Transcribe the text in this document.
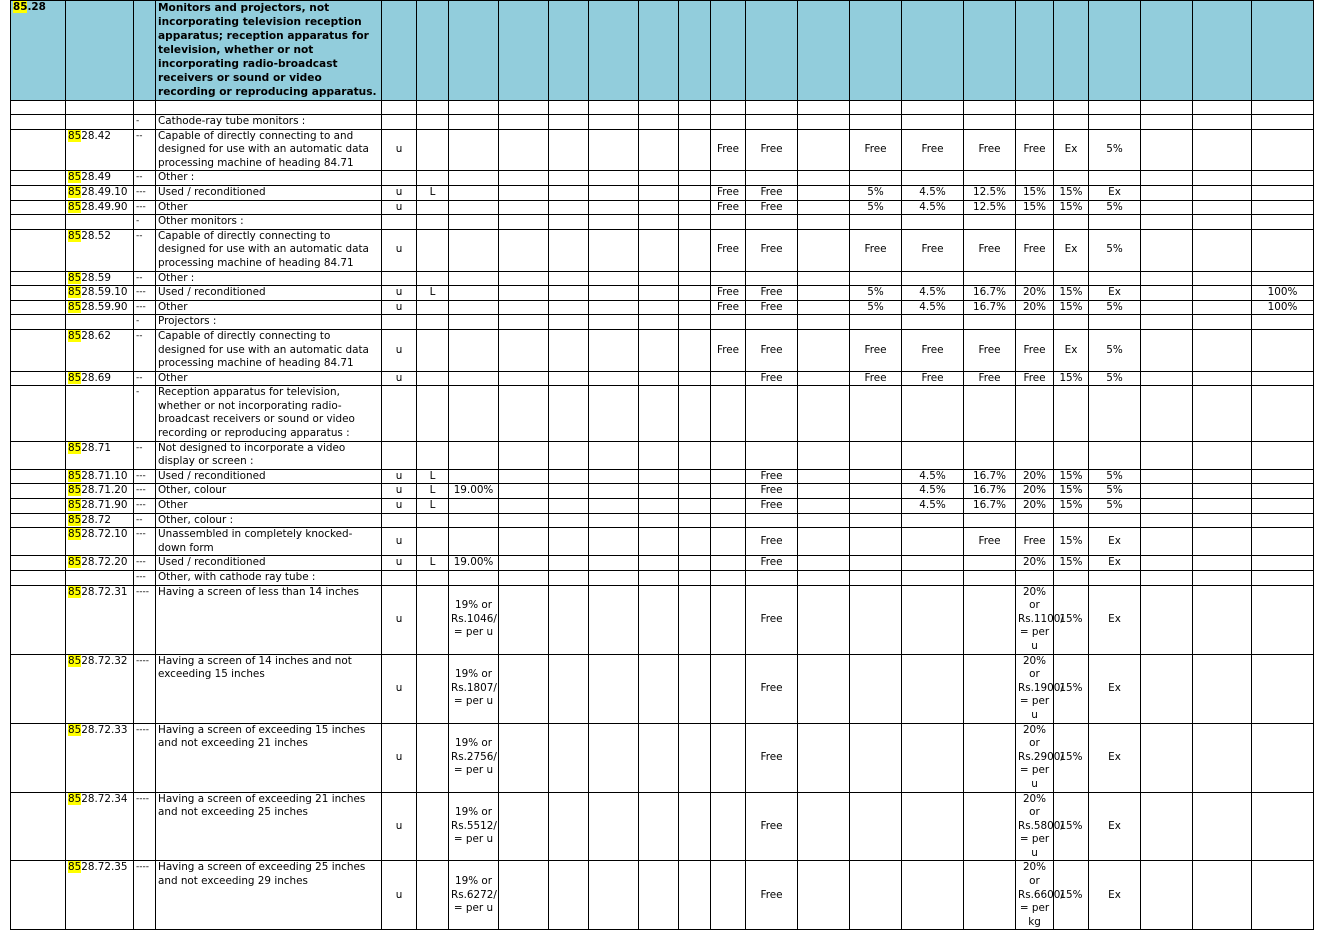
85.28			Monitors and projectors, not incorporating television reception apparatus; reception apparatus for television, whether or not incorporating radio-broadcast receivers or sound or video recording or reproducing apparatus.																				

		-	Cathode-ray tube monitors :																				
	8528.42	--	Capable of directly connecting to and designed for use with an automatic data processing machine of heading 84.71	u								Free	Free		Free	Free	Free	Free	Ex	5%			
	8528.49	--	Other :																				
	8528.49.10	---	Used / reconditioned	u	L							Free	Free		5%	4.5%	12.5%	15%	15%	Ex			
	8528.49.90	---	Other	u								Free	Free		5%	4.5%	12.5%	15%	15%	5%			
		-	Other monitors :																				
	8528.52	--	Capable of directly connecting to designed for use with an automatic data processing machine of heading 84.71	u								Free	Free		Free	Free	Free	Free	Ex	5%			
	8528.59	--	Other :																				
	8528.59.10	---	Used / reconditioned	u	L							Free	Free		5%	4.5%	16.7%	20%	15%	Ex			100%
	8528.59.90	---	Other	u								Free	Free		5%	4.5%	16.7%	20%	15%	5%			100%
		-	Projectors :																				
	8528.62	--	Capable of directly connecting to designed for use with an automatic data processing machine of heading 84.71	u								Free	Free		Free	Free	Free	Free	Ex	5%			
	8528.69	--	Other	u									Free		Free	Free	Free	Free	15%	5%			
		-	Reception apparatus for television, whether or not incorporating radio-broadcast receivers or sound or video recording or reproducing apparatus :																				
	8528.71	--	Not designed to incorporate a video display or screen :																				
	8528.71.10	---	Used / reconditioned	u	L								Free			4.5%	16.7%	20%	15%	5%			
	8528.71.20	---	Other, colour	u	L	19.00%							Free			4.5%	16.7%	20%	15%	5%			
	8528.71.90	---	Other	u	L								Free			4.5%	16.7%	20%	15%	5%			
	8528.72	--	Other, colour :																				
	8528.72.10	---	Unassembled in completely knocked-down form	u									Free				Free	Free	15%	Ex			
	8528.72.20	---	Used / reconditioned	u	L	19.00%							Free					20%	15%	Ex			
		---	Other, with cathode ray tube :																				
	8528.72.31	----	Having a screen of less than 14 inches	u		19% or Rs.1046/ = per u							Free					20% or Rs.1100/ = per u	15%	Ex			
	8528.72.32	----	Having a screen of 14 inches and not exceeding 15 inches	u		19% or Rs.1807/ = per u							Free					20% or Rs.1900/ = per u	15%	Ex			
	8528.72.33	----	Having a screen of exceeding 15 inches and not exceeding 21 inches	u		19% or Rs.2756/ = per u							Free					20% or Rs.2900/ = per u	15%	Ex			
	8528.72.34	----	Having a screen of exceeding 21 inches and not exceeding 25 inches	u		19% or Rs.5512/ = per u							Free					20% or Rs.5800/ = per u	15%	Ex			
	8528.72.35	----	Having a screen of exceeding 25 inches and not exceeding 29 inches	u		19% or Rs.6272/ = per u							Free					20% or Rs.6600/ = per kg	15%	Ex			
